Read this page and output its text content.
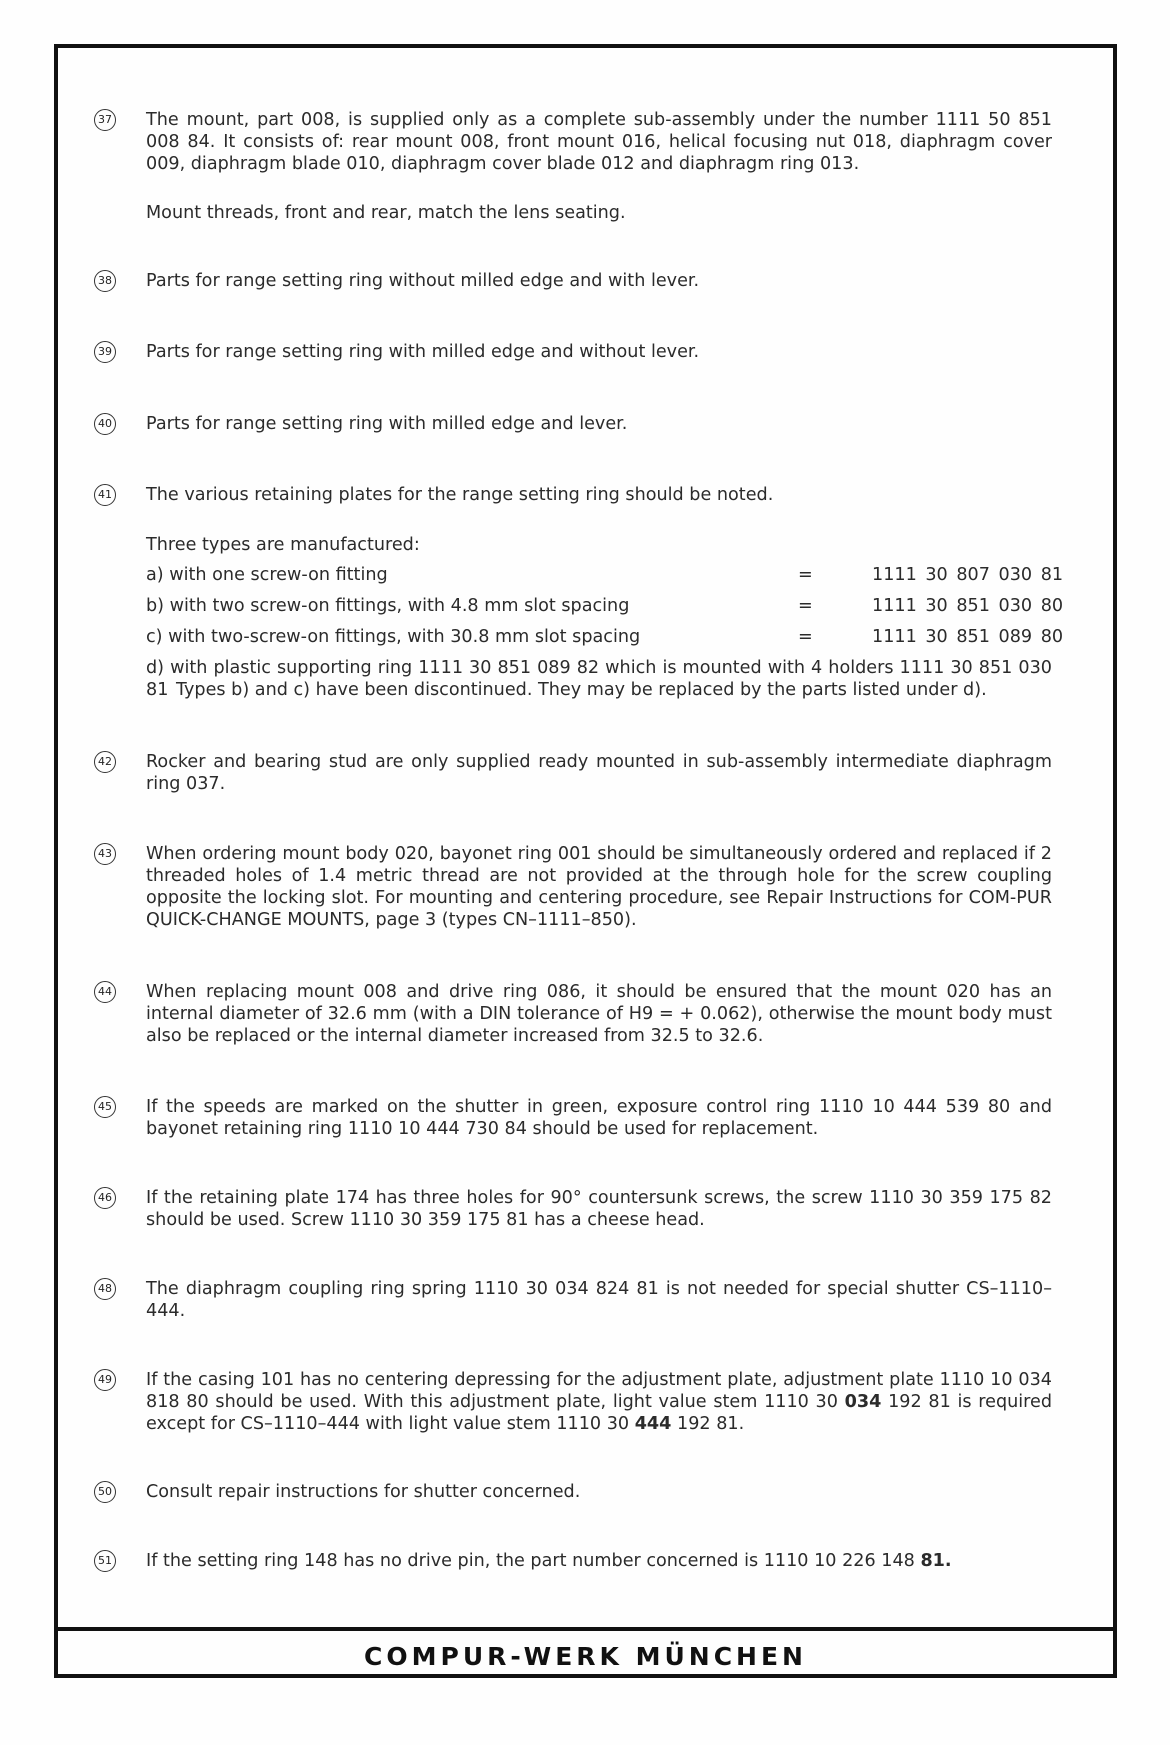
COMPUR-WERK MÜNCHEN
37 The mount, part 008, is supplied only as a complete sub-assembly under the number 1111 50 851 008 84. It consists of: rear mount 008, front mount 016, helical focusing nut 018, diaphragm cover 009, diaphragm blade 010, diaphragm cover blade 012 and diaphragm ring 013.

Mount threads, front and rear, match the lens seating.

38 Parts for range setting ring without milled edge and with lever.

39 Parts for range setting ring with milled edge and without lever.

40 Parts for range setting ring with milled edge and lever.

41 The various retaining plates for the range setting ring should be noted.

Three types are manufactured:
a) with one screw-on fitting	=	1111 30 807 030 81
b) with two screw-on fittings, with 4.8 mm slot spacing	=	1111 30 851 030 80
c) with two-screw-on fittings, with 30.8 mm slot spacing	=	1111 30 851 089 80
d) with plastic supporting ring 1111 30 851 089 82 which is mounted with 4 holders 1111 30 851 030 81 Types b) and c) have been discontinued. They may be replaced by the parts listed under d).
42 Rocker and bearing stud are only supplied ready mounted in sub-assembly intermediate diaphragm ring 037.

43 When ordering mount body 020, bayonet ring 001 should be simultaneously ordered and replaced if 2 threaded holes of 1.4 metric thread are not provided at the through hole for the screw coupling opposite the locking slot. For mounting and centering procedure, see Repair Instructions for COM-PUR QUICK-CHANGE MOUNTS, page 3 (types CN–1111–850).

44 When replacing mount 008 and drive ring 086, it should be ensured that the mount 020 has an internal diameter of 32.6 mm (with a DIN tolerance of H9 = + 0.062), otherwise the mount body must also be replaced or the internal diameter increased from 32.5 to 32.6.

45 If the speeds are marked on the shutter in green, exposure control ring 1110 10 444 539 80 and bayonet retaining ring 1110 10 444 730 84 should be used for replacement.

46 If the retaining plate 174 has three holes for 90° countersunk screws, the screw 1110 30 359 175 82 should be used. Screw 1110 30 359 175 81 has a cheese head.

48 The diaphragm coupling ring spring 1110 30 034 824 81 is not needed for special shutter CS–1110–444.

49 If the casing 101 has no centering depressing for the adjustment plate, adjustment plate 1110 10 034 818 80 should be used. With this adjustment plate, light value stem 1110 30 034 192 81 is required except for CS–1110–444 with light value stem 1110 30 444 192 81.

50 Consult repair instructions for shutter concerned.

51 If the setting ring 148 has no drive pin, the part number concerned is 1110 10 226 148 81.
